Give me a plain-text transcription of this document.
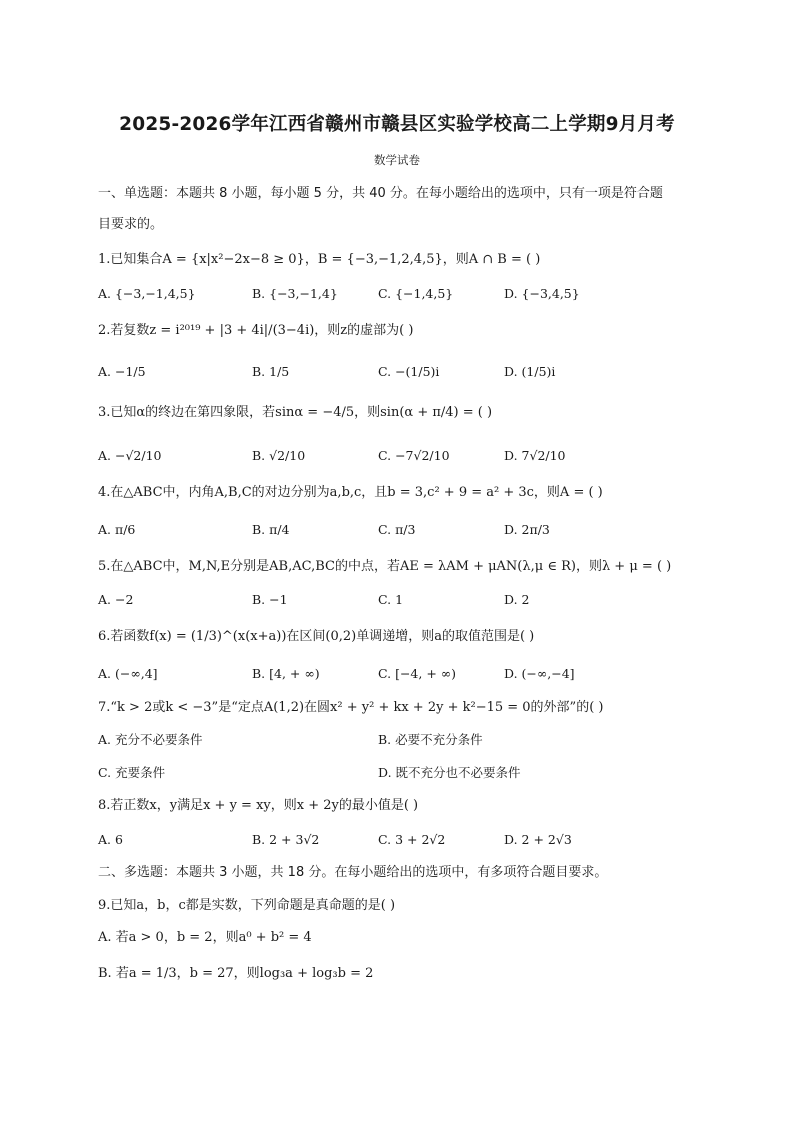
2025-2026学年江西省赣州市赣县区实验学校高二上学期9月月考
数学试卷
一、单选题：本题共 8 小题，每小题 5 分，共 40 分。在每小题给出的选项中，只有一项是符合题
目要求的。
1.已知集合A = {x|x²−2x−8 ≥ 0}，B = {−3,−1,2,4,5}，则A ∩ B = ( )
A. {−3,−1,4,5}	B. {−3,−1,4}	C. {−1,4,5}	D. {−3,4,5}
2.若复数z = i²⁰¹⁹ + |3 + 4i|/(3−4i)，则z的虚部为( )
A. −1/5	B. 1/5	C. −(1/5)i	D. (1/5)i
3.已知α的终边在第四象限，若sinα = −4/5，则sin(α + π/4) = ( )
A. −√2/10	B. √2/10	C. −7√2/10	D. 7√2/10
4.在△ABC中，内角A,B,C的对边分别为a,b,c，且b = 3,c² + 9 = a² + 3c，则A = ( )
A. π/6	B. π/4	C. π/3	D. 2π/3
5.在△ABC中，M,N,E分别是AB,AC,BC的中点，若AE = λAM + μAN(λ,μ ∈ R)，则λ + μ = ( )
A. −2	B. −1	C. 1	D. 2
6.若函数f(x) = (1/3)^(x(x+a))在区间(0,2)单调递增，则a的取值范围是( )
A. (−∞,4]	B. [4, + ∞)	C. [−4, + ∞)	D. (−∞,−4]
7.“k > 2或k < −3”是“定点A(1,2)在圆x² + y² + kx + 2y + k²−15 = 0的外部”的( )
A. 充分不必要条件	B. 必要不充分条件
C. 充要条件	D. 既不充分也不必要条件
8.若正数x，y满足x + y = xy，则x + 2y的最小值是( )
A. 6	B. 2 + 3√2	C. 3 + 2√2	D. 2 + 2√3
二、多选题：本题共 3 小题，共 18 分。在每小题给出的选项中，有多项符合题目要求。
9.已知a，b，c都是实数，下列命题是真命题的是( )
A. 若a > 0，b = 2，则a⁰ + b² = 4
B. 若a = 1/3，b = 27，则log₃a + log₃b = 2
